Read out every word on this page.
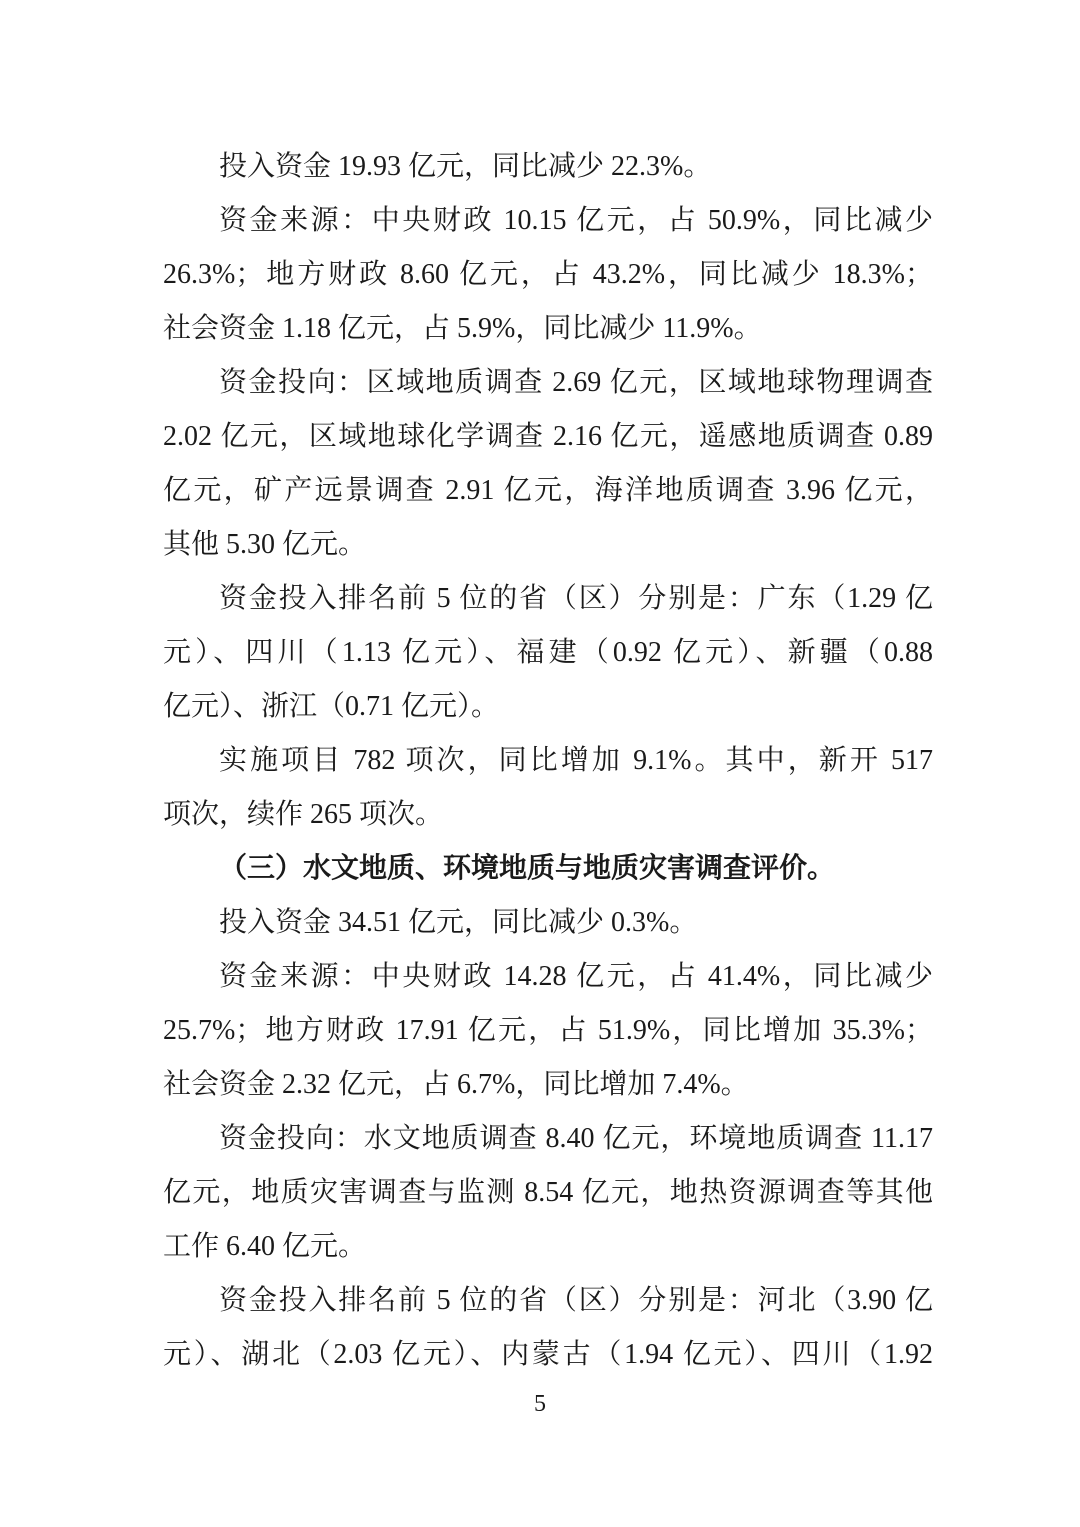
投入资金 19.93 亿元，同比减少 22.3%。
资金来源：中央财政 10.15 亿元，占 50.9%，同比减少
26.3%；地方财政 8.60 亿元，占 43.2%，同比减少 18.3%；
社会资金 1.18 亿元，占 5.9%，同比减少 11.9%。
资金投向：区域地质调查 2.69 亿元，区域地球物理调查
2.02 亿元，区域地球化学调查 2.16 亿元，遥感地质调查 0.89
亿元，矿产远景调查 2.91 亿元，海洋地质调查 3.96 亿元，
其他 5.30 亿元。
资金投入排名前 5 位的省（区）分别是：广东（1.29 亿
元）、四川（1.13 亿元）、福建（0.92 亿元）、新疆（0.88
亿元）、浙江（0.71 亿元）。
实施项目 782 项次，同比增加 9.1%。其中，新开 517
项次，续作 265 项次。
（三）水文地质、环境地质与地质灾害调查评价。
投入资金 34.51 亿元，同比减少 0.3%。
资金来源：中央财政 14.28 亿元，占 41.4%，同比减少
25.7%；地方财政 17.91 亿元，占 51.9%，同比增加 35.3%；
社会资金 2.32 亿元，占 6.7%，同比增加 7.4%。
资金投向：水文地质调查 8.40 亿元，环境地质调查 11.17
亿元，地质灾害调查与监测 8.54 亿元，地热资源调查等其他
工作 6.40 亿元。
资金投入排名前 5 位的省（区）分别是：河北（3.90 亿
元）、湖北（2.03 亿元）、内蒙古（1.94 亿元）、四川（1.92
5
